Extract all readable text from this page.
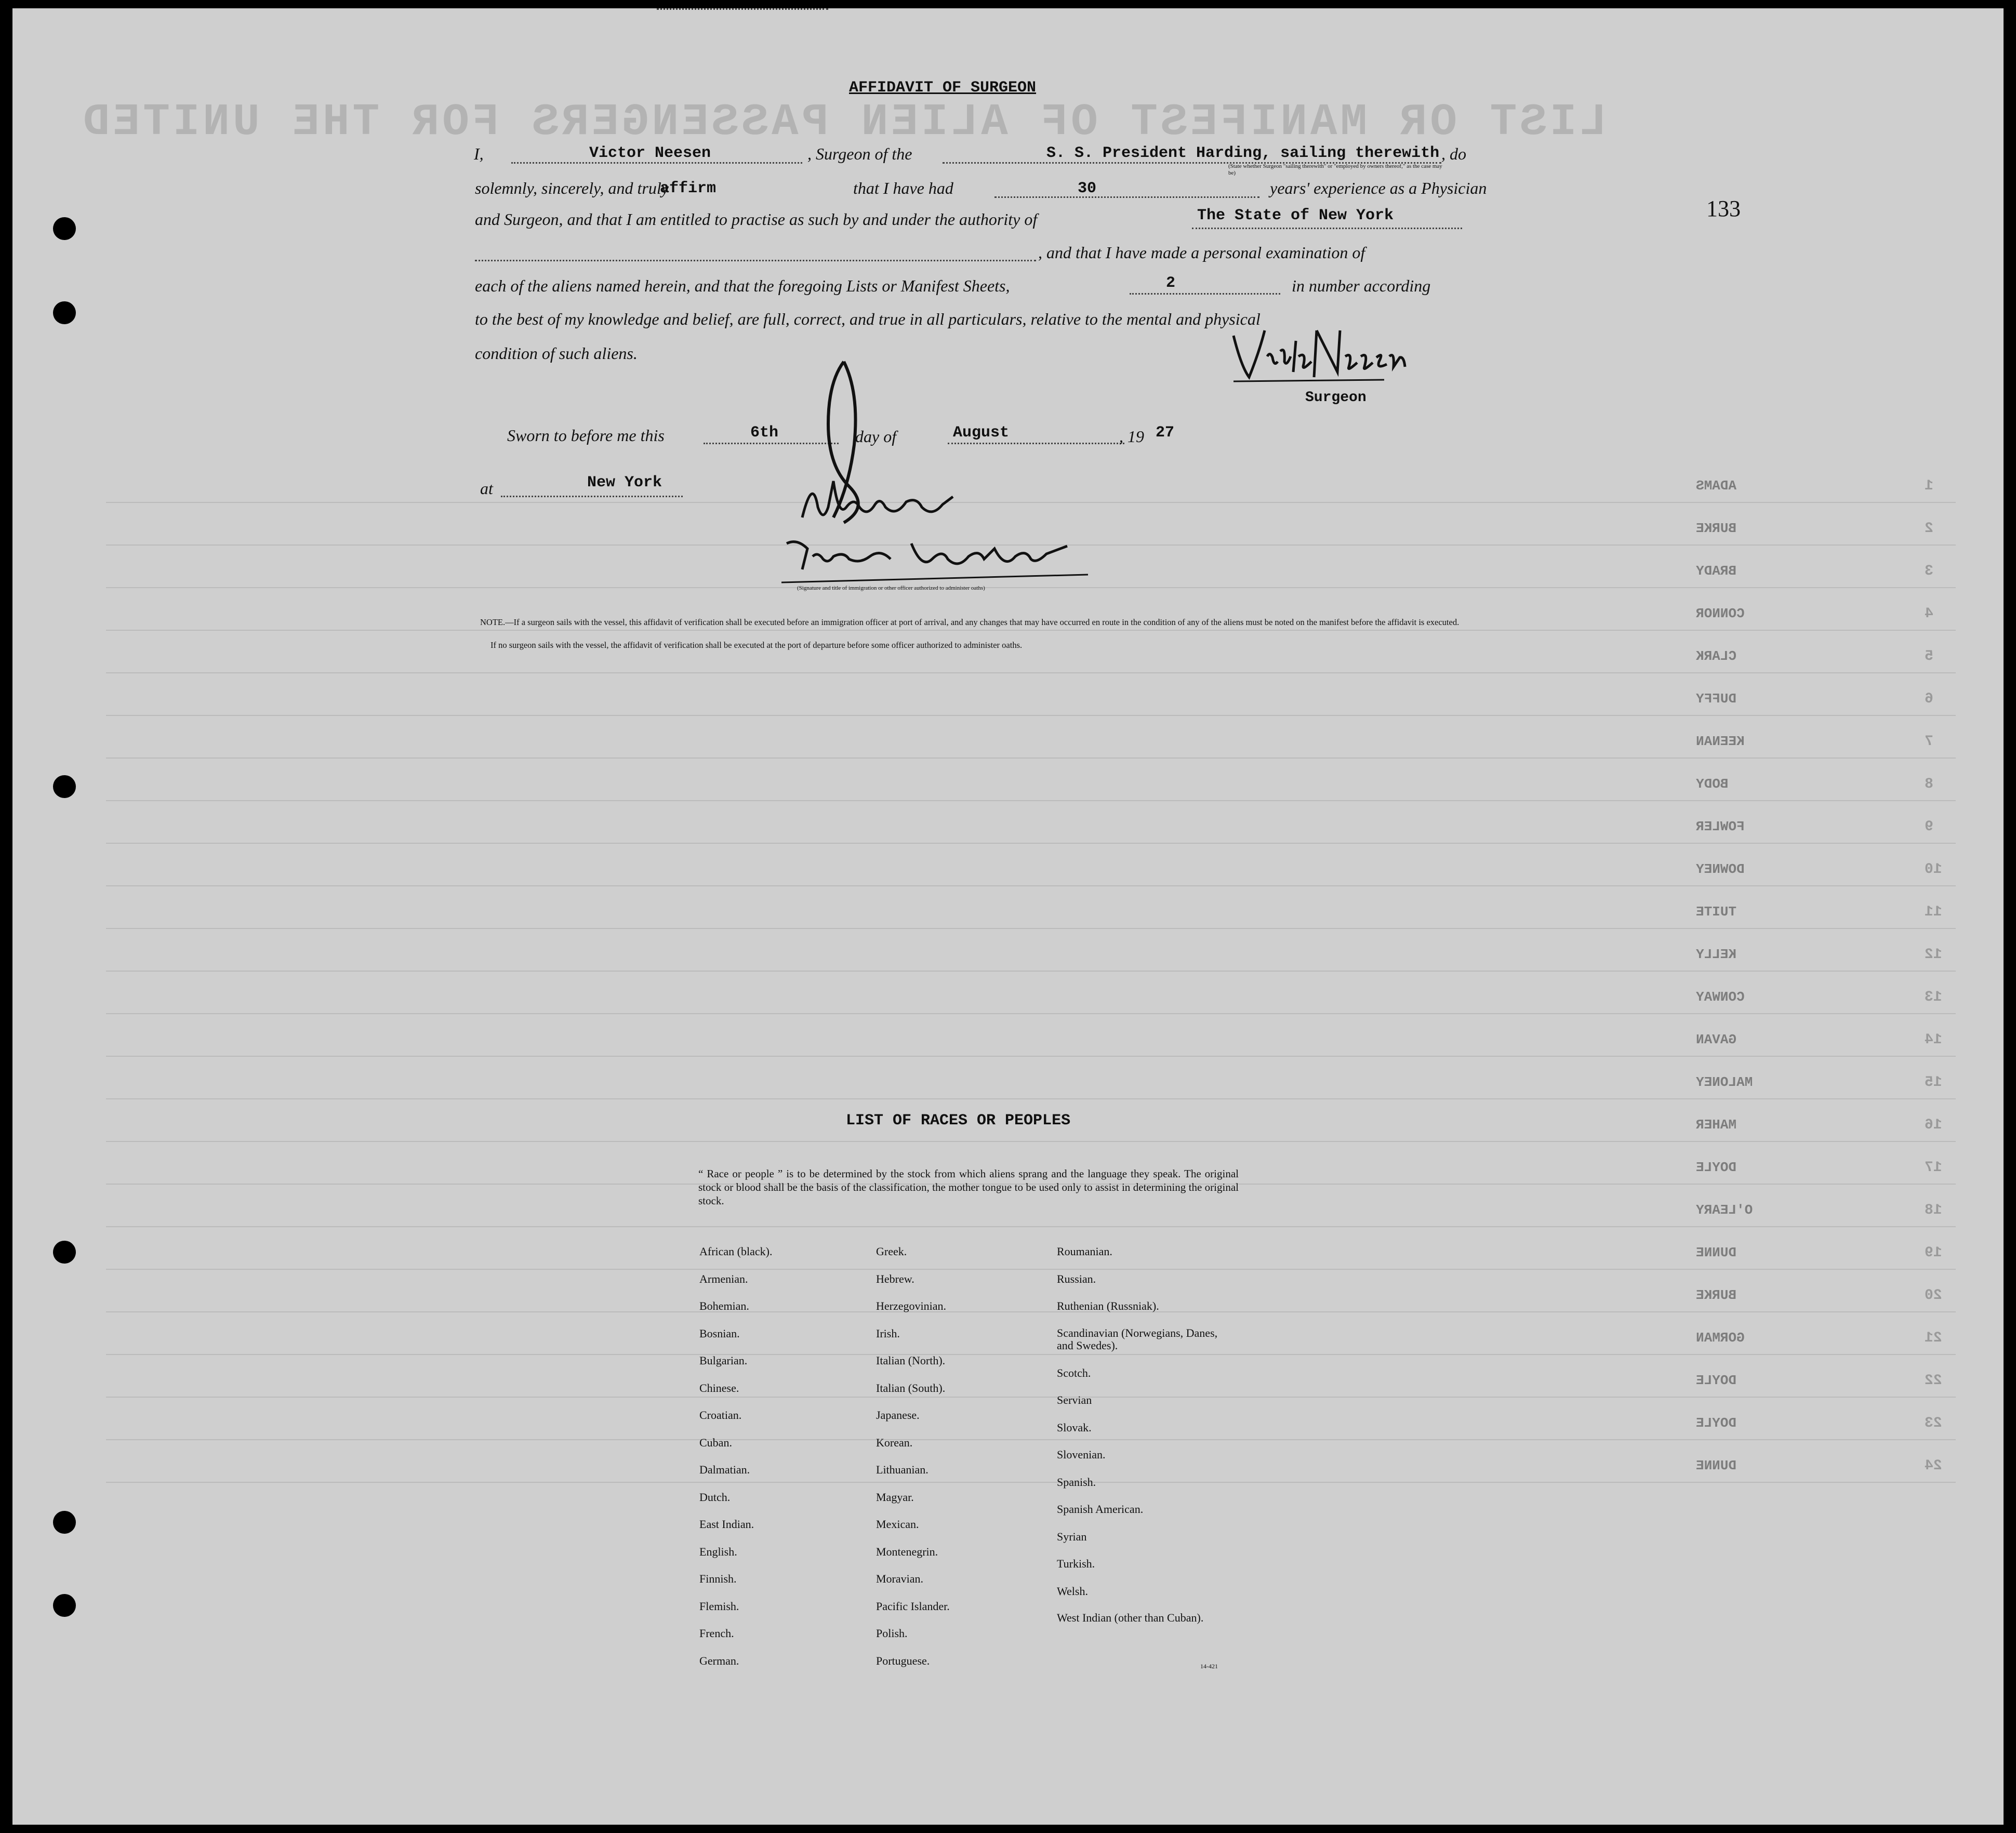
LIST OR MANIFEST OF ALIEN PASSENGERS FOR THE UNITED
1
ADAMS
2
BURKE
3
BRADY
4
CONNOR
5
CLARK
6
DUFFY
7
KEENAN
8
BODY
9
FOWLER
10
DOWNEY
11
TUITE
12
KELLY
13
CONWAY
14
GAVAN
15
MALONEY
16
MAHER
17
DOYLE
18
O'LEARY
19
DUNNE
20
BURKE
21
GORMAN
22
DOYLE
23
DOYLE
24
DUNNE
133
AFFIDAVIT OF SURGEON
I,	Victor Neesen	, Surgeon of the	S. S. President Harding, sailing therewith , do
(State whether Surgeon "sailing therewith" or "employed by owners thereof," as the case may be)
solemnly, sincerely, and truly
affirm	that I have had	30	years' experience as a Physician
and Surgeon, and that I am entitled to practise as such by and under the authority of	The State of New York
, and that I have made a personal examination of
each of the aliens named herein, and that the foregoing Lists or Manifest Sheets,	2	in number according
to the best of my knowledge and belief, are full, correct, and true in all particulars, relative to the mental and physical
condition of such aliens.
Surgeon
Sworn to before me this	6th	day of	August	, 19 27
at	New York
(Signature and title of immigration or other officer authorized to administer oaths)
NOTE.—If a surgeon sails with the vessel, this affidavit of verification shall be executed before an immigration officer at port of arrival, and any changes that may have occurred en route in the condition of any of the aliens must be noted on the manifest before the affidavit is executed.
If no surgeon sails with the vessel, the affidavit of verification shall be executed at the port of departure before some officer authorized to administer oaths.
LIST OF RACES OR PEOPLES
“ Race or people ” is to be determined by the stock from which aliens sprang and the language they speak. The original stock or blood shall be the basis of the classification, the mother tongue to be used only to assist in determining the original stock.
African (black).
Armenian.
Bohemian.
Bosnian.
Bulgarian.
Chinese.
Croatian.
Cuban.
Dalmatian.
Dutch.
East Indian.
English.
Finnish.
Flemish.
French.
German.
Greek.
Hebrew.
Herzegovinian.
Irish.
Italian (North).
Italian (South).
Japanese.
Korean.
Lithuanian.
Magyar.
Mexican.
Montenegrin.
Moravian.
Pacific Islander.
Polish.
Portuguese.
Roumanian.
Russian.
Ruthenian (Russniak).
Scandinavian (Norwegians, Danes, and Swedes).
Scotch.
Servian
Slovak.
Slovenian.
Spanish.
Spanish American.
Syrian
Turkish.
Welsh.
West Indian (other than Cuban).
14-421
